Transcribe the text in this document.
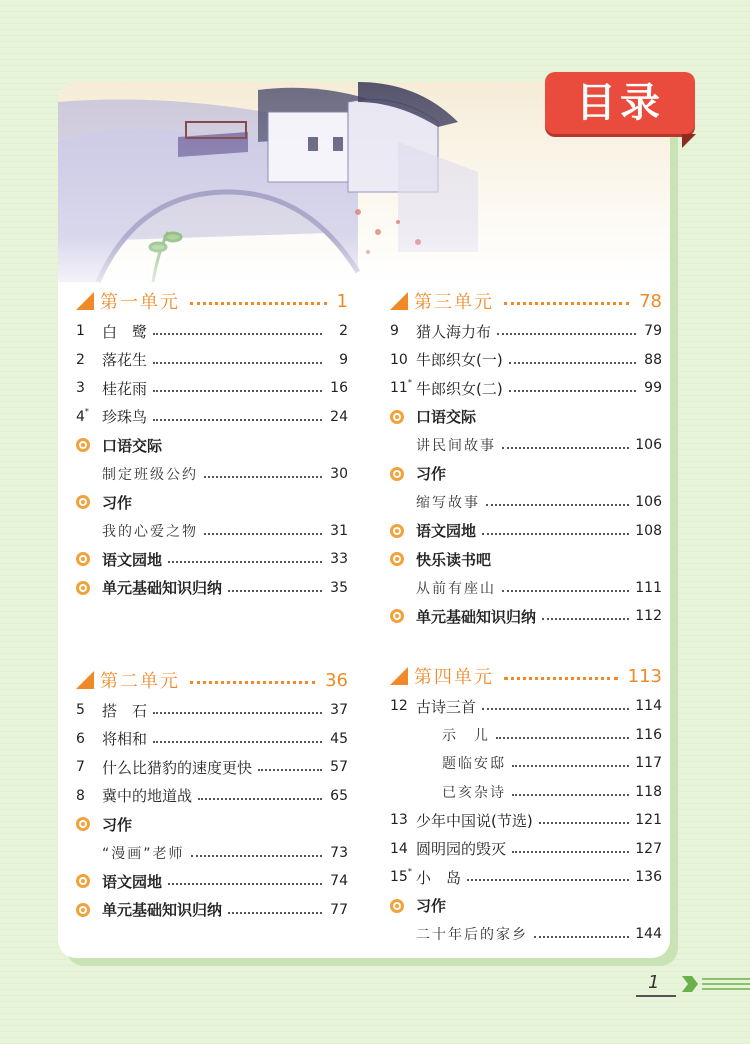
目录
第一单元	1
1	白　鹭	2
2	落花生	9
3	桂花雨	16
4 * 珍珠鸟	24
口语交际
制定班级公约	30
习作
我的心爱之物	31
语文园地	33
单元基础知识归纳	35
第二单元	36
5	搭　石	37
6	将相和	45
7	什么比猎豹的速度更快	57
8	冀中的地道战	65
习作
“漫画”老师	73
语文园地	74
单元基础知识归纳	77
第三单元	78
9	猎人海力布	79
10 牛郎织女(一)	88
11 * 牛郎织女(二)	99
口语交际
讲民间故事	106
习作
缩写故事	106
语文园地	108
快乐读书吧
从前有座山	111
单元基础知识归纳	112
第四单元	113
12 古诗三首	114
示　儿	116
题临安邸	117
已亥杂诗	118
13 少年中国说(节选)	121
14 圆明园的毁灭	127
15 * 小　岛	136
习作
二十年后的家乡	144
1
